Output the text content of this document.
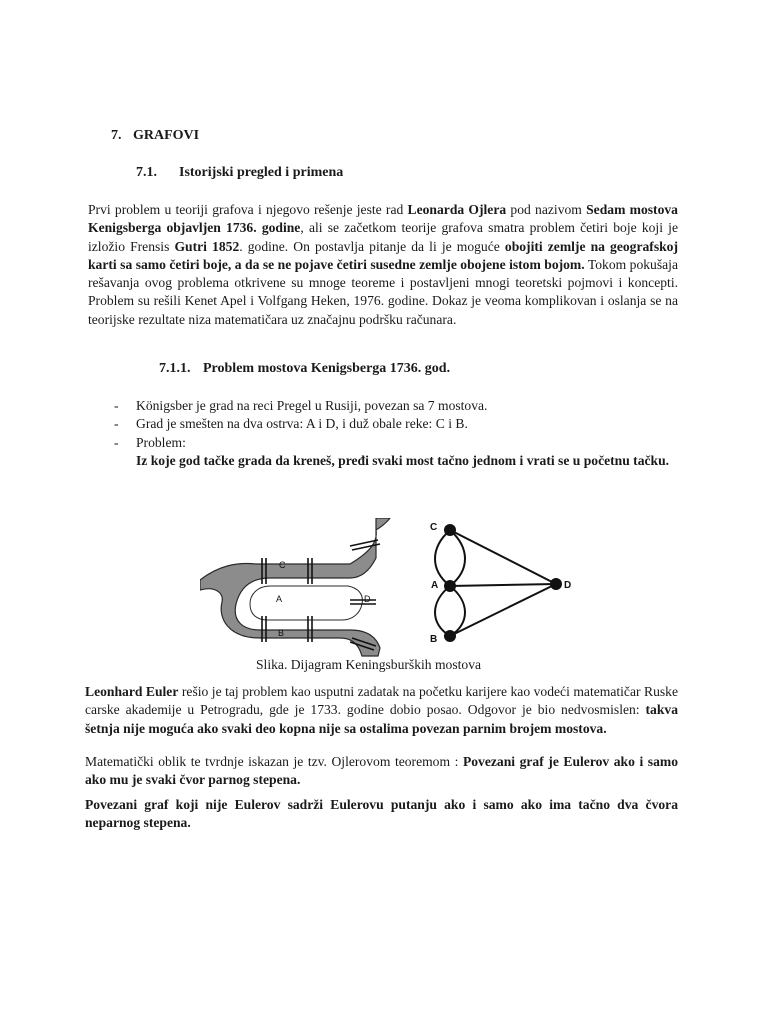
7. GRAFOVI
7.1. Istorijski pregled i primena
Prvi problem u teoriji grafova i njegovo rešenje jeste rad Leonarda Ojlera pod nazivom Sedam mostova Kenigsberga objavljen 1736. godine, ali se začetkom teorije grafova smatra problem četiri boje koji je izložio Frensis Gutri 1852. godine. On postavlja pitanje da li je moguće obojiti zemlje na geografskoj karti sa samo četiri boje, a da se ne pojave četiri susedne zemlje obojene istom bojom. Tokom pokušaja rešavanja ovog problema otkrivene su mnoge teoreme i postavljeni mnogi teoretski pojmovi i koncepti. Problem su rešili Kenet Apel i Volfgang Heken, 1976. godine. Dokaz je veoma komplikovan i oslanja se na teorijske rezultate niza matematičara uz značajnu podršku računara.
7.1.1. Problem mostova Kenigsberga 1736. god.
- Königsber je grad na reci Pregel u Rusiji, povezan sa 7 mostova.
- Grad je smešten na dva ostrva: A i D, i duž obale reke: C i B.
- Problem:
Iz koje god tačke grada da kreneš, pređi svaki most tačno jednom i vrati se u početnu tačku.
C
A
B
D
C
A
B
D
Slika. Dijagram Keningsburških mostova
Leonhard Euler rešio je taj problem kao usputni zadatak na početku karijere kao vodeći matematičar Ruske carske akademije u Petrogradu, gde je 1733. godine dobio posao. Odgovor je bio nedvosmislen: takva šetnja nije moguća ako svaki deo kopna nije sa ostalima povezan parnim brojem mostova.
Matematički oblik te tvrdnje iskazan je tzv. Ojlerovom teoremom : Povezani graf je Eulerov ako i samo ako mu je svaki čvor parnog stepena.
Povezani graf koji nije Eulerov sadrži Eulerovu putanju ako i samo ako ima tačno dva čvora neparnog stepena.
